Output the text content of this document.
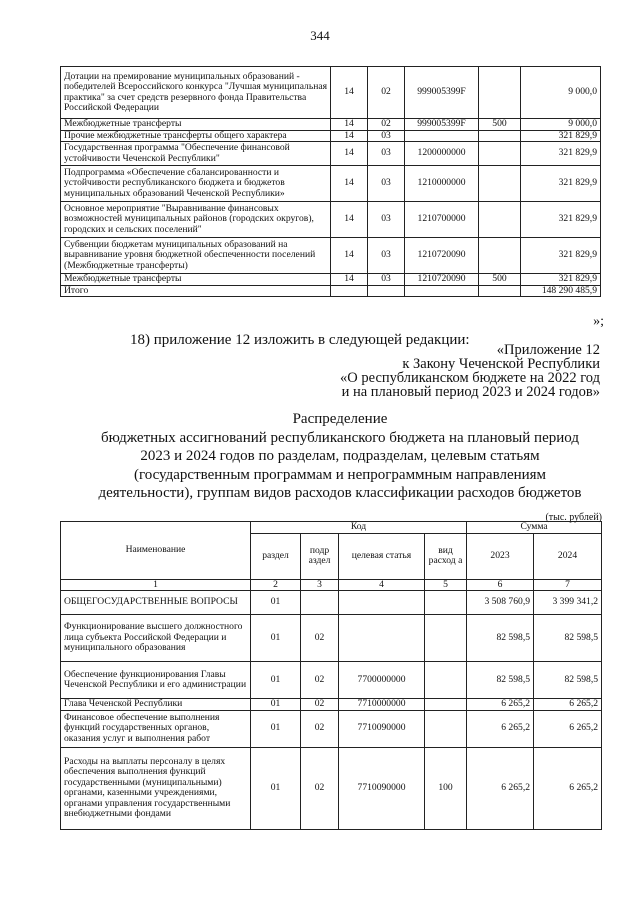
344
Дотации на премирование муниципальных образований - победителей Всероссийского конкурса "Лучшая муниципальная практика" за счет средств резервного фонда Правительства Российской Федерации	14	02	999005399F		9 000,0
Межбюджетные трансферты	14	02	999005399F	500	9 000,0
Прочие межбюджетные трансферты общего характера	14	03			321 829,9
Государственная программа "Обеспечение финансовой устойчивости Чеченской Республики"	14	03	1200000000		321 829,9
Подпрограмма «Обеспечение сбалансированности и устойчивости республиканского бюджета и бюджетов муниципальных образований Чеченской Республики»	14	03	1210000000		321 829,9
Основное мероприятие "Выравнивание финансовых возможностей муниципальных районов (городских округов), городских и сельских поселений"	14	03	1210700000		321 829,9
Субвенции бюджетам муниципальных образований на выравнивание уровня бюджетной обеспеченности поселений (Межбюджетные трансферты)	14	03	1210720090		321 829,9
Межбюджетные трансферты	14	03	1210720090	500	321 829,9
Итого					148 290 485,9
»;
18) приложение 12 изложить в следующей редакции:
«Приложение 12
к Закону Чеченской Республики
«О республиканском бюджете на 2022 год
и на плановый период 2023 и 2024 годов»
Распределение
бюджетных ассигнований республиканского бюджета на плановый период
2023 и 2024 годов по разделам, подразделам, целевым статьям
(государственным программам и непрограммным направлениям
деятельности), группам видов расходов классификации расходов бюджетов
(тыс. рублей)
Наименование	Код				Сумма	
	раздел	подр аздел	целевая статья	вид расход а	2023	2024
1	2	3	4	5	6	7
ОБЩЕГОСУДАРСТВЕННЫЕ ВОПРОСЫ	01				3 508 760,9	3 399 341,2
Функционирование высшего должностного лица субъекта Российской Федерации и муниципального образования	01	02			82 598,5	82 598,5
Обеспечение функционирования Главы Чеченской Республики и его администрации	01	02	7700000000		82 598,5	82 598,5
Глава Чеченской Республики	01	02	7710000000		6 265,2	6 265,2
Финансовое обеспечение выполнения функций государственных органов, оказания услуг и выполнения работ	01	02	7710090000		6 265,2	6 265,2
Расходы на выплаты персоналу в целях обеспечения выполнения функций государственными (муниципальными) органами, казенными учреждениями, органами управления государственными внебюджетными фондами	01	02	7710090000	100	6 265,2	6 265,2
